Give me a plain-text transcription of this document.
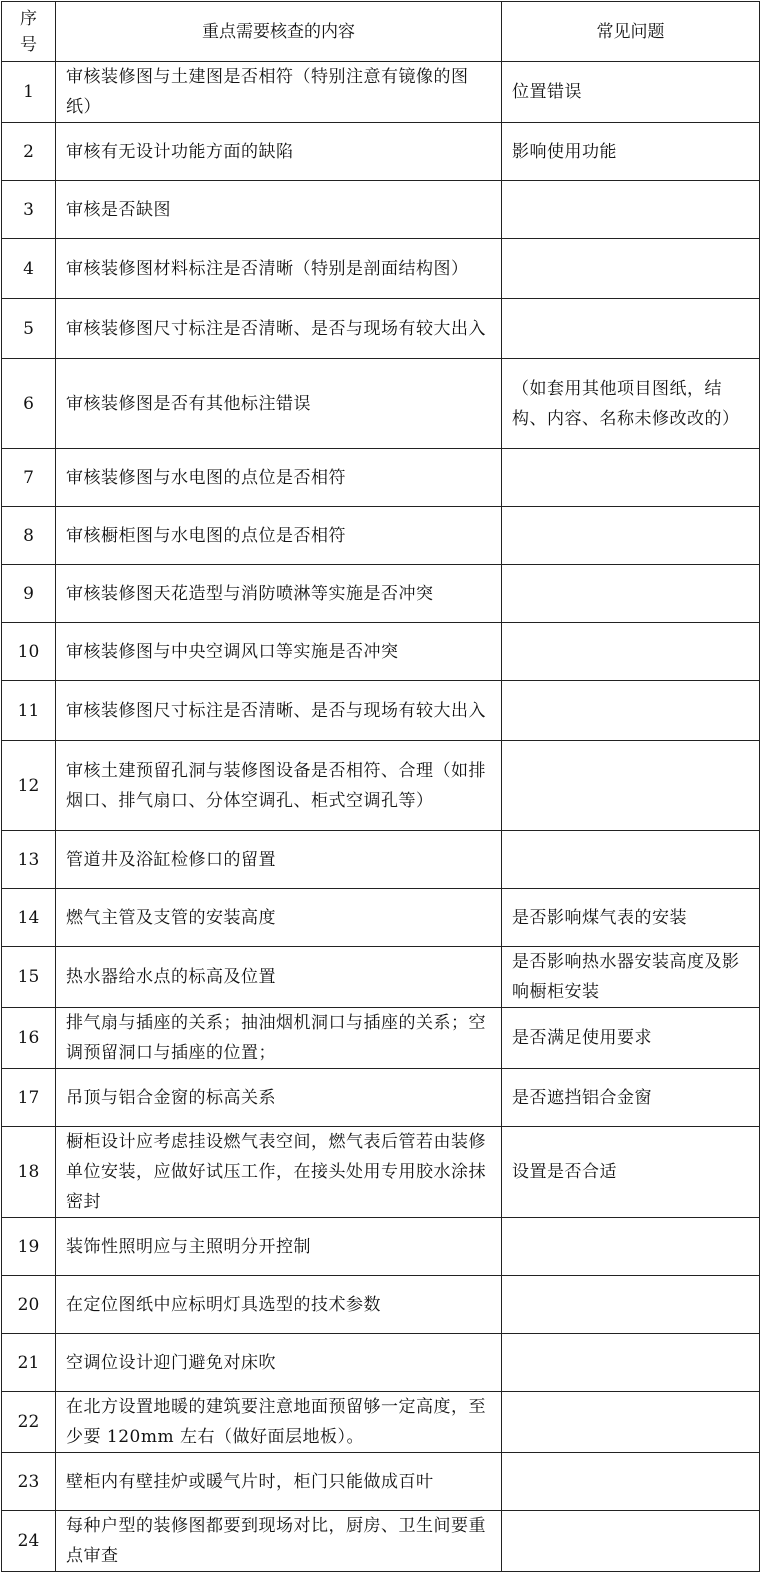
序号	重点需要核查的内容	常见问题
1	审核装修图与土建图是否相符（特别注意有镜像的图纸）	位置错误
2	审核有无设计功能方面的缺陷	影响使用功能
3	审核是否缺图	
4	审核装修图材料标注是否清晰（特别是剖面结构图）	
5	审核装修图尺寸标注是否清晰、是否与现场有较大出入	
6	审核装修图是否有其他标注错误	（如套用其他项目图纸，结构、内容、名称未修改改的）
7	审核装修图与水电图的点位是否相符	
8	审核橱柜图与水电图的点位是否相符	
9	审核装修图天花造型与消防喷淋等实施是否冲突	
10	审核装修图与中央空调风口等实施是否冲突	
11	审核装修图尺寸标注是否清晰、是否与现场有较大出入	
12	审核土建预留孔洞与装修图设备是否相符、合理（如排烟口、排气扇口、分体空调孔、柜式空调孔等）	
13	管道井及浴缸检修口的留置	
14	燃气主管及支管的安装高度	是否影响煤气表的安装
15	热水器给水点的标高及位置	是否影响热水器安装高度及影响橱柜安装
16	排气扇与插座的关系；抽油烟机洞口与插座的关系；空调预留洞口与插座的位置；	是否满足使用要求
17	吊顶与铝合金窗的标高关系	是否遮挡铝合金窗
18	橱柜设计应考虑挂设燃气表空间，燃气表后管若由装修单位安装，应做好试压工作，在接头处用专用胶水涂抹密封	设置是否合适
19	装饰性照明应与主照明分开控制	
20	在定位图纸中应标明灯具选型的技术参数	
21	空调位设计迎门避免对床吹	
22	在北方设置地暖的建筑要注意地面预留够一定高度，至少要 120mm 左右（做好面层地板）。	
23	壁柜内有壁挂炉或暖气片时，柜门只能做成百叶	
24	每种户型的装修图都要到现场对比，厨房、卫生间要重点审查	
